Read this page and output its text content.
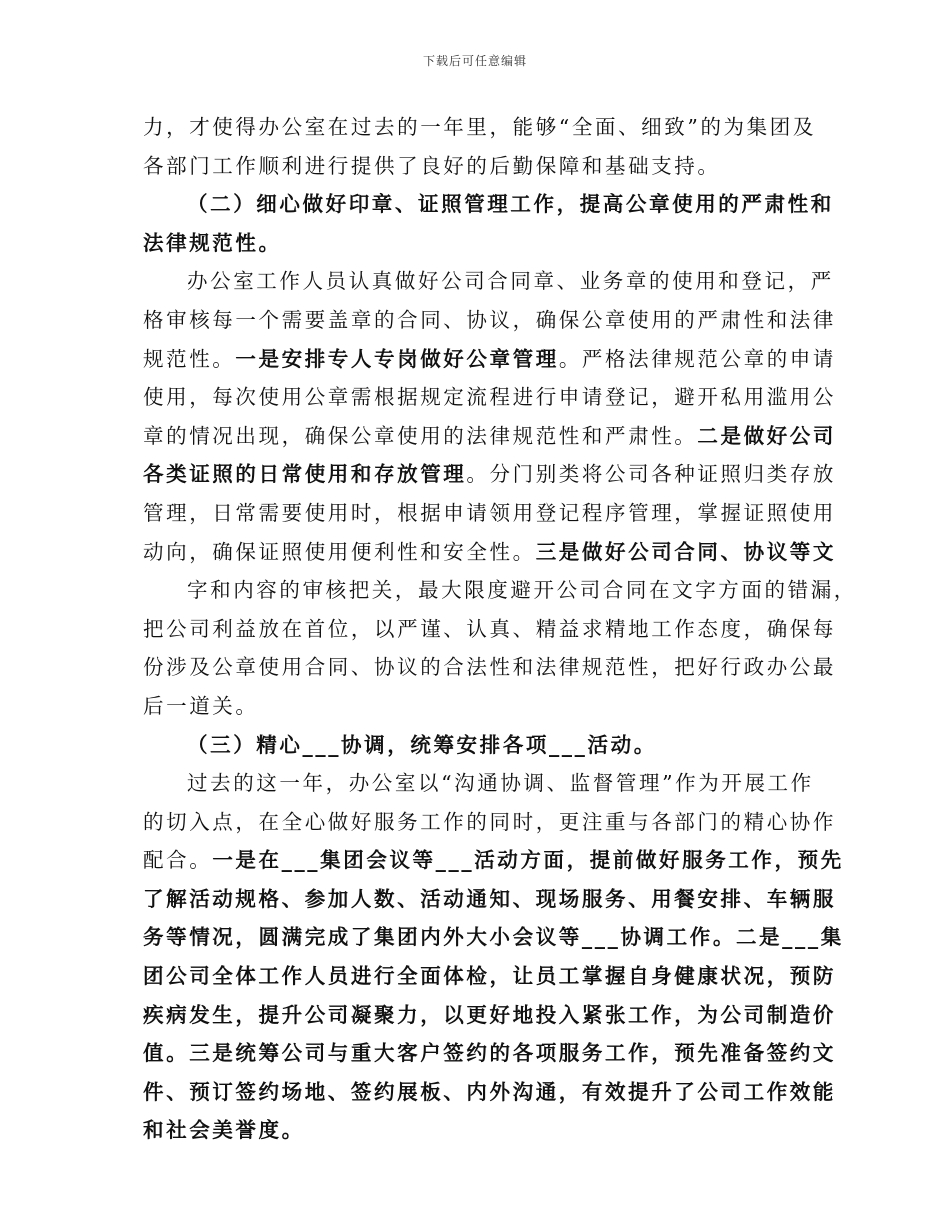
下载后可任意编辑
力，才使得办公室在过去的一年里，能够“全面、细致”的为集团及
各部门工作顺利进行提供了良好的后勤保障和基础支持。
（二）细心做好印章、证照管理工作，提高公章使用的严肃性和
法律规范性。
办公室工作人员认真做好公司合同章、业务章的使用和登记，严
格审核每一个需要盖章的合同、协议，确保公章使用的严肃性和法律
规范性。一是安排专人专岗做好公章管理。严格法律规范公章的申请
使用，每次使用公章需根据规定流程进行申请登记，避开私用滥用公
章的情况出现，确保公章使用的法律规范性和严肃性。二是做好公司
各类证照的日常使用和存放管理。分门别类将公司各种证照归类存放
管理，日常需要使用时，根据申请领用登记程序管理，掌握证照使用
动向，确保证照使用便利性和安全性。三是做好公司合同、协议等文
字和内容的审核把关，最大限度避开公司合同在文字方面的错漏，
把公司利益放在首位，以严谨、认真、精益求精地工作态度，确保每
份涉及公章使用合同、协议的合法性和法律规范性，把好行政办公最
后一道关。
（三）精心___协调，统筹安排各项___活动。
过去的这一年，办公室以“沟通协调、监督管理”作为开展工作
的切入点，在全心做好服务工作的同时，更注重与各部门的精心协作
配合。一是在___集团会议等___活动方面，提前做好服务工作，预先
了解活动规格、参加人数、活动通知、现场服务、用餐安排、车辆服
务等情况，圆满完成了集团内外大小会议等___协调工作。二是___集
团公司全体工作人员进行全面体检，让员工掌握自身健康状况，预防
疾病发生，提升公司凝聚力，以更好地投入紧张工作，为公司制造价
值。三是统筹公司与重大客户签约的各项服务工作，预先准备签约文
件、预订签约场地、签约展板、内外沟通，有效提升了公司工作效能
和社会美誉度。
